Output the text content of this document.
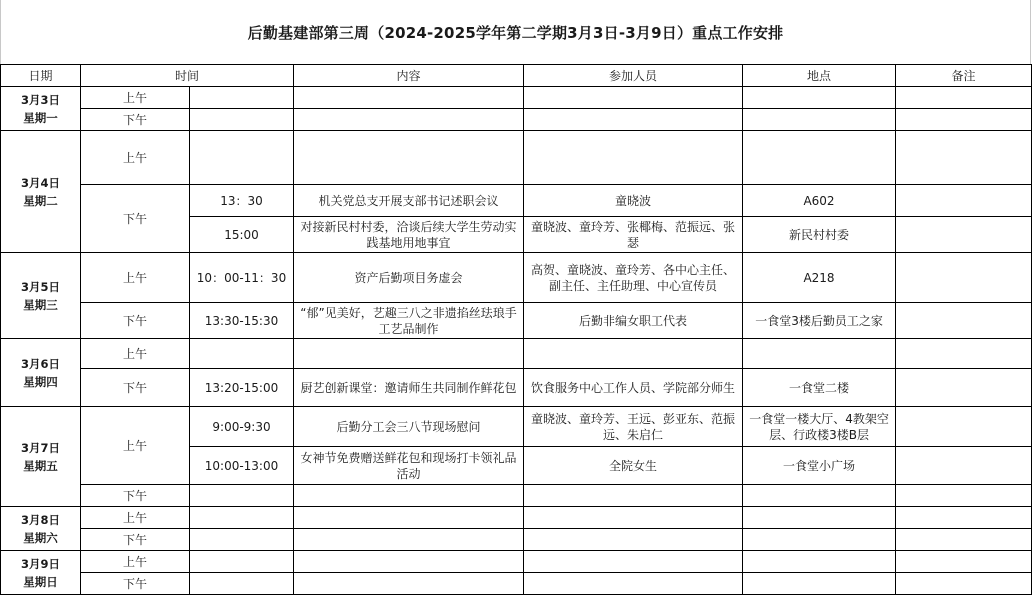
后勤基建部第三周（2024-2025学年第二学期3月3日-3月9日）重点工作安排
日期	时间		内容	参加人员	地点	备注

3月3日
星期一	上午					
	下午					

3月4日
星期二	上午					
	下午	13：30	机关党总支开展支部书记述职会议	童晓波	A602	
		15:00	对接新民村村委，洽谈后续大学生劳动实践基地用地事宜	童晓波、童玲芳、张椰梅、范振远、张瑟	新民村村委	

3月5日
星期三	上午	10：00-11：30	资产后勤项目务虚会	高贺、童晓波、童玲芳、各中心主任、副主任、主任助理、中心宣传员	A218	
	下午	13:30-15:30	“郁”见美好，艺趣三八之非遗掐丝珐琅手工艺品制作	后勤非编女职工代表	一食堂3楼后勤员工之家	

3月6日
星期四	上午					
	下午	13:20-15:00	厨艺创新课堂：邀请师生共同制作鲜花包	饮食服务中心工作人员、学院部分师生	一食堂二楼	

3月7日
星期五	上午	9:00-9:30	后勤分工会三八节现场慰问	童晓波、童玲芳、王远、彭亚东、范振远、朱启仁	一食堂一楼大厅、4教架空层、行政楼3楼B层	
		10:00-13:00	女神节免费赠送鲜花包和现场打卡领礼品活动	全院女生	一食堂小广场	
	下午					

3月8日
星期六	上午					
	下午					

3月9日
星期日	上午					
	下午					
